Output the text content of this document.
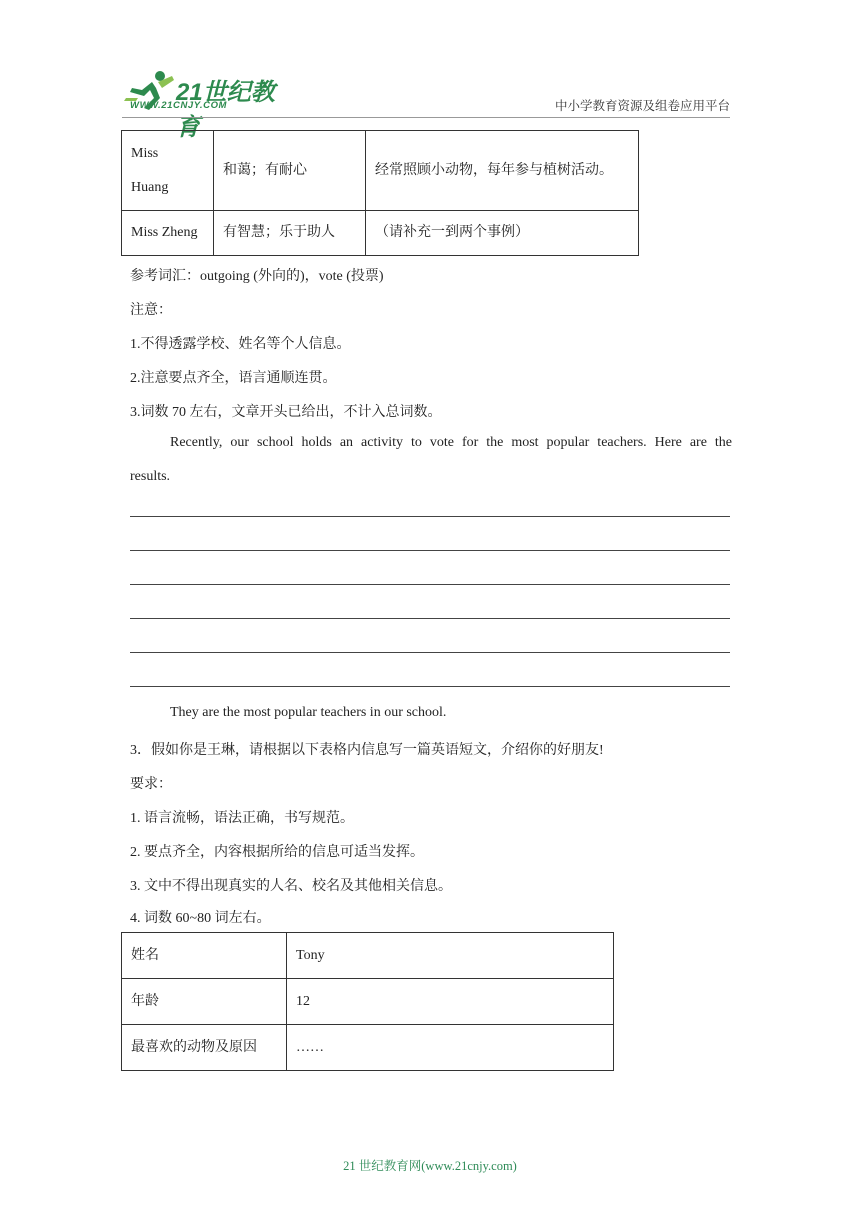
21世纪教育
WWW.21CNJY.COM	中小学教育资源及组卷应用平台
Miss
Huang	和蔼；有耐心	经常照顾小动物，每年参与植树活动。
Miss Zheng	有智慧；乐于助人	（请补充一到两个事例）
参考词汇：outgoing (外向的)，vote (投票)
注意：
1.不得透露学校、姓名等个人信息。
2.注意要点齐全，语言通顺连贯。
3.词数 70 左右，文章开头已给出，不计入总词数。
Recently, our school holds an activity to vote for the most popular teachers. Here are the
results.
They are the most popular teachers in our school.
3．假如你是王琳，请根据以下表格内信息写一篇英语短文，介绍你的好朋友!
要求：
1. 语言流畅，语法正确，书写规范。
2. 要点齐全，内容根据所给的信息可适当发挥。
3. 文中不得出现真实的人名、校名及其他相关信息。
4. 词数 60~80 词左右。
姓名	Tony
年龄	12
最喜欢的动物及原因	……
21 世纪教育网(www.21cnjy.com)
